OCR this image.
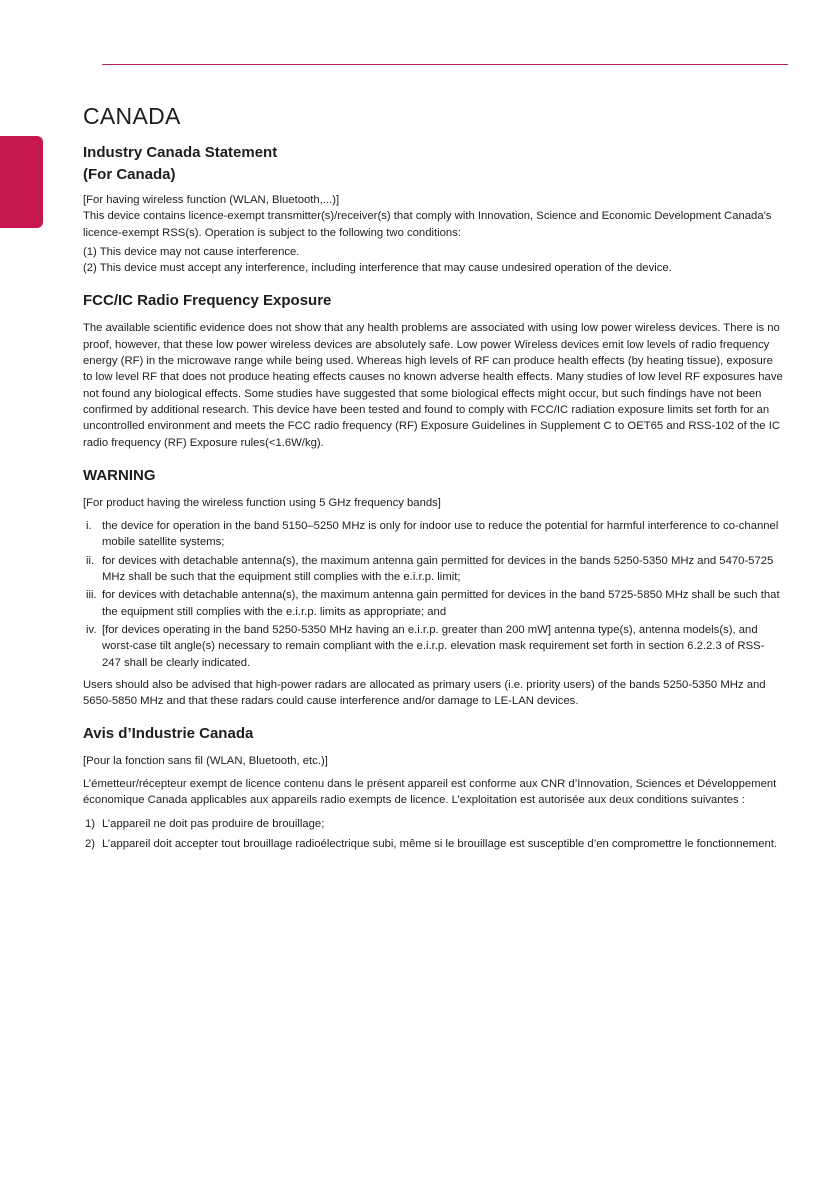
CANADA
Industry Canada Statement
(For Canada)

[For having wireless function (WLAN, Bluetooth,...)]

This device contains licence-exempt transmitter(s)/receiver(s) that comply with Innovation, Science and Economic Development Canada's licence-exempt RSS(s). Operation is subject to the following two conditions:

(1) This device may not cause interference.

(2) This device must accept any interference, including interference that may cause undesired operation of the device.

FCC/IC Radio Frequency Exposure

The available scientific evidence does not show that any health problems are associated with using low power wireless devices. There is no proof, however, that these low power wireless devices are absolutely safe. Low power Wireless devices emit low levels of radio frequency energy (RF) in the microwave range while being used. Whereas high levels of RF can produce health effects (by heating tissue), exposure to low level RF that does not produce heating effects causes no known adverse health effects. Many studies of low level RF exposures have not found any biological effects. Some studies have suggested that some biological effects might occur, but such findings have not been confirmed by additional research. This device have been tested and found to comply with FCC/IC radiation exposure limits set forth for an uncontrolled environment and meets the FCC radio frequency (RF) Exposure Guidelines in Supplement C to OET65 and RSS-102 of the IC radio frequency (RF) Exposure rules(<1.6W/kg).

WARNING

[For product having the wireless function using 5 GHz frequency bands]

i. the device for operation in the band 5150–5250 MHz is only for indoor use to reduce the potential for harmful interference to co-channel mobile satellite systems;
ii. for devices with detachable antenna(s), the maximum antenna gain permitted for devices in the bands 5250-5350 MHz and 5470-5725 MHz shall be such that the equipment still complies with the e.i.r.p. limit;
iii. for devices with detachable antenna(s), the maximum antenna gain permitted for devices in the band 5725-5850 MHz shall be such that the equipment still complies with the e.i.r.p. limits as appropriate; and
iv. [for devices operating in the band 5250-5350 MHz having an e.i.r.p. greater than 200 mW] antenna type(s), antenna models(s), and worst-case tilt angle(s) necessary to remain compliant with the e.i.r.p. elevation mask requirement set forth in section 6.2.2.3 of RSS-247 shall be clearly indicated.

Users should also be advised that high-power radars are allocated as primary users (i.e. priority users) of the bands 5250-5350 MHz and 5650-5850 MHz and that these radars could cause interference and/or damage to LE-LAN devices.

Avis d’Industrie Canada

[Pour la fonction sans fil (WLAN, Bluetooth, etc.)]

L’émetteur/récepteur exempt de licence contenu dans le présent appareil est conforme aux CNR d’Innovation, Sciences et Développement économique Canada applicables aux appareils radio exempts de licence. L’exploitation est autorisée aux deux conditions suivantes :

1) L’appareil ne doit pas produire de brouillage;
2) L’appareil doit accepter tout brouillage radioélectrique subi, même si le brouillage est susceptible d’en compromettre le fonctionnement.
